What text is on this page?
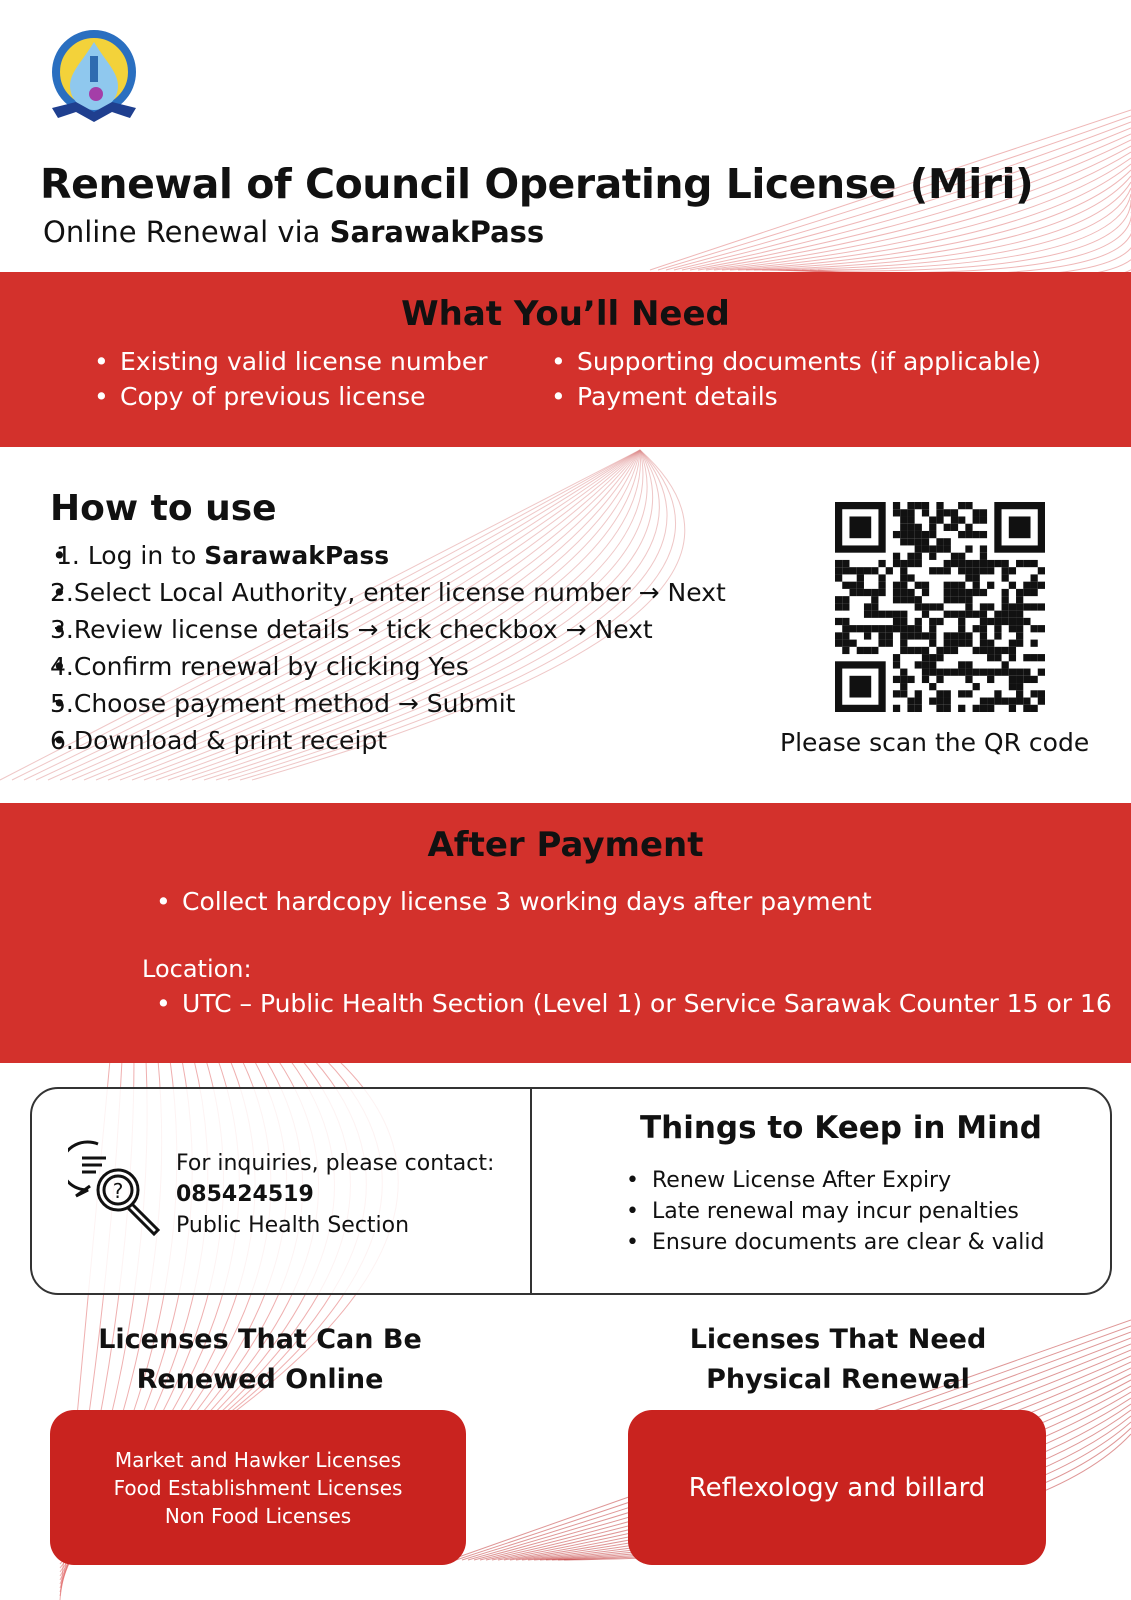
Renewal of Council Operating License (Miri)
Online Renewal via SarawakPass
What You’ll Need
• Existing valid license number
• Copy of previous license
• Supporting documents (if applicable)
• Payment details
How to use
• 1. Log in to SarawakPass
• 2.Select Local Authority, enter license number → Next
• 3.Review license details → tick checkbox → Next
• 4.Confirm renewal by clicking Yes
• 5.Choose payment method → Submit
• 6.Download & print receipt	Please scan the QR code
After Payment
• Collect hardcopy license 3 working days after payment
Location:
• UTC – Public Health Section (Level 1) or Service Sarawak Counter 15 or 16
?
For inquiries, please contact:
085424519
Public Health Section
Things to Keep in Mind
• Renew License After Expiry
• Late renewal may incur penalties
• Ensure documents are clear & valid
Licenses That Can Be
Renewed Online
Market and Hawker Licenses
Food Establishment Licenses
Non Food Licenses
Licenses That Need
Physical Renewal
Reflexology and billard
